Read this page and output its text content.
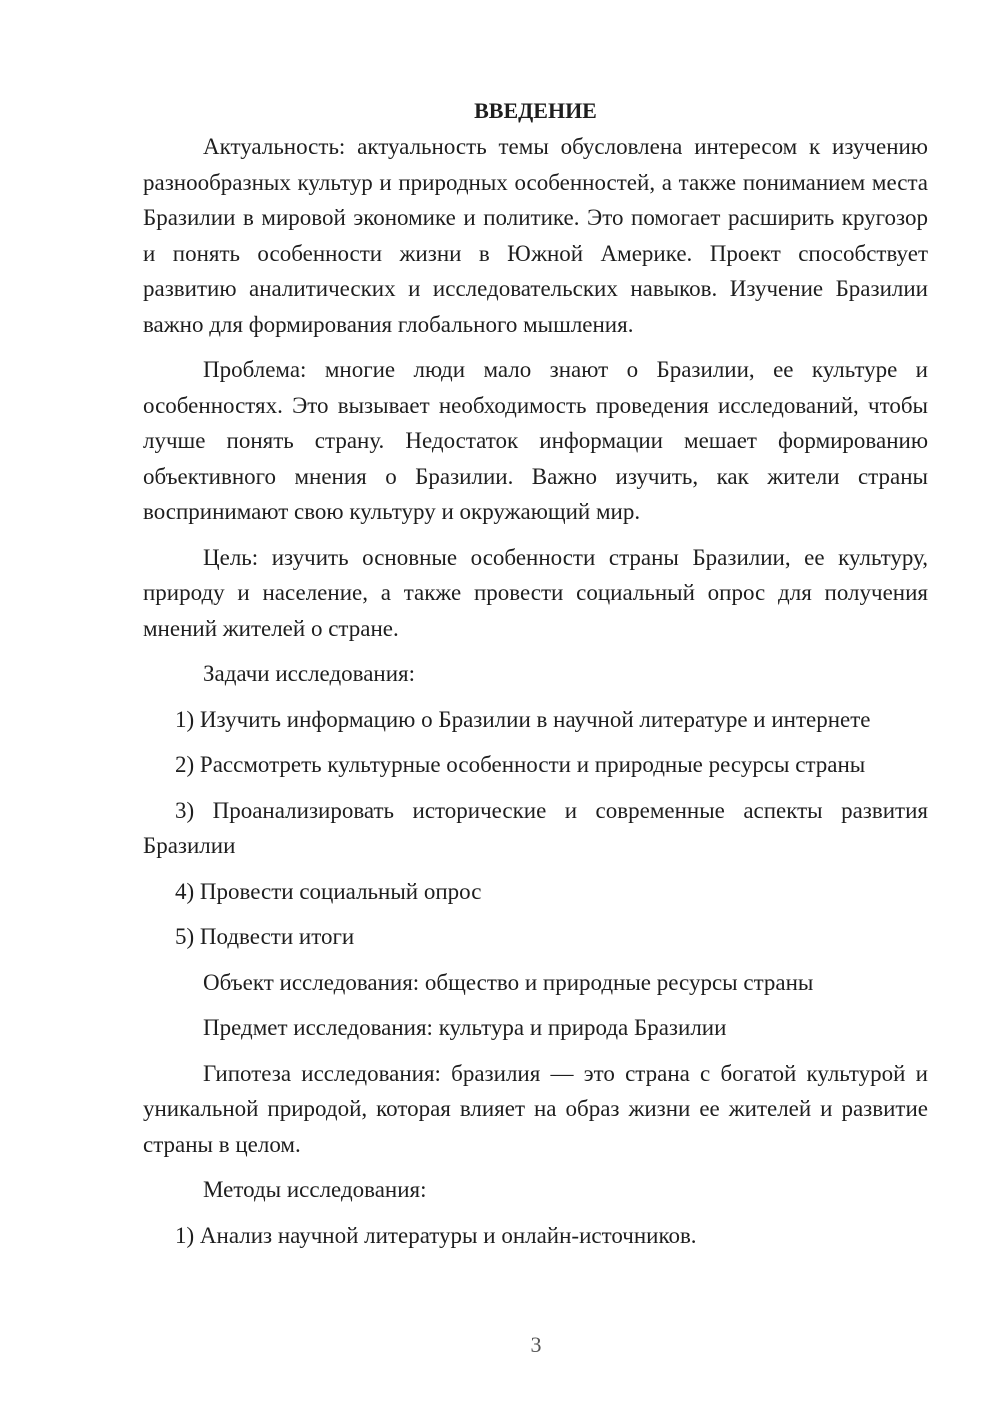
ВВЕДЕНИЕ

Актуальность: актуальность темы обусловлена интересом к изучению разнообразных культур и природных особенностей, а также пониманием места Бразилии в мировой экономике и политике. Это помогает расширить кругозор и понять особенности жизни в Южной Америке. Проект способствует развитию аналитических и исследовательских навыков. Изучение Бразилии важно для формирования глобального мышления.

Проблема: многие люди мало знают о Бразилии, ее культуре и особенностях. Это вызывает необходимость проведения исследований, чтобы лучше понять страну. Недостаток информации мешает формированию объективного мнения о Бразилии. Важно изучить, как жители страны воспринимают свою культуру и окружающий мир.

Цель: изучить основные особенности страны Бразилии, ее культуру, природу и население, а также провести социальный опрос для получения мнений жителей о стране.

Задачи исследования:

1) Изучить информацию о Бразилии в научной литературе и интернете

2) Рассмотреть культурные особенности и природные ресурсы страны

3) Проанализировать исторические и современные аспекты развития Бразилии

4) Провести социальный опрос

5) Подвести итоги

Объект исследования: общество и природные ресурсы страны

Предмет исследования: культура и природа Бразилии

Гипотеза исследования: бразилия — это страна с богатой культурой и уникальной природой, которая влияет на образ жизни ее жителей и развитие страны в целом.

Методы исследования:

1) Анализ научной литературы и онлайн-источников.

3
